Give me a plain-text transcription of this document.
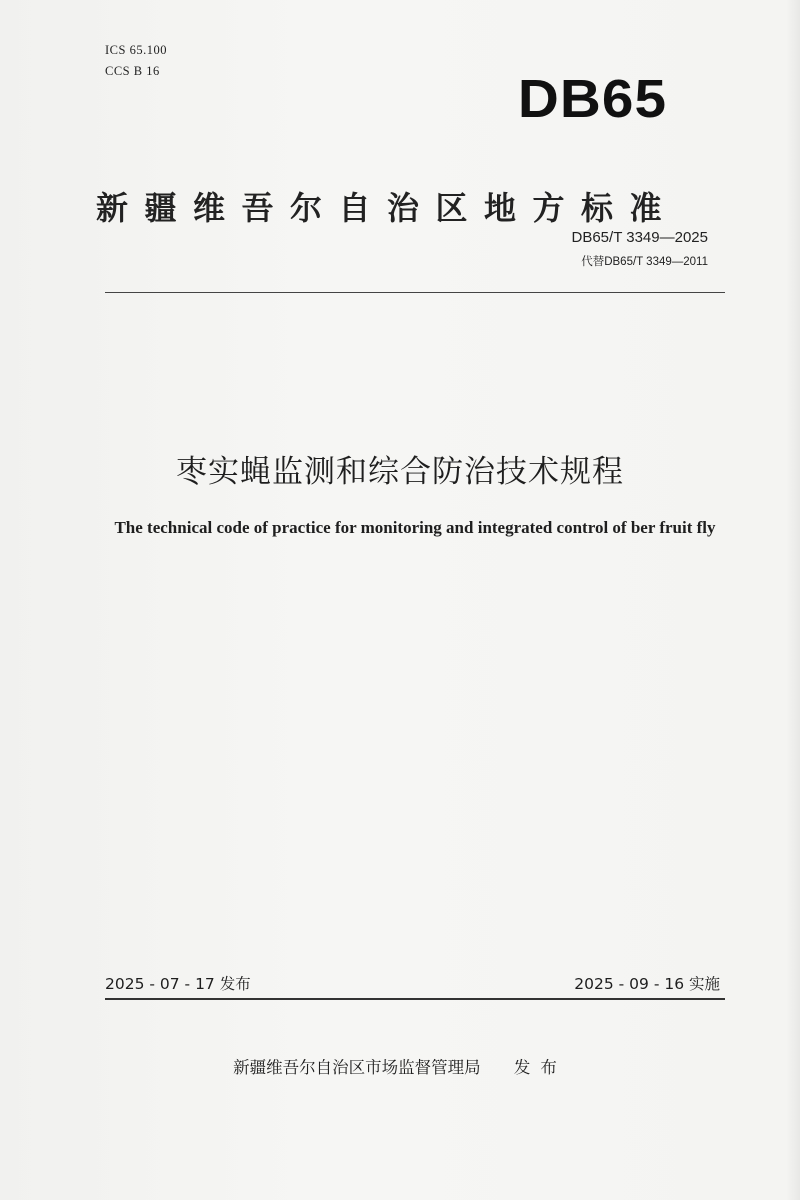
ICS 65.100
CCS B 16	DB65
新疆维吾尔自治区地方标准
DB65/T 3349—2025
代替DB65/T 3349—2011
枣实蝇监测和综合防治技术规程
The technical code of practice for monitoring and integrated control of ber fruit fly
2025 - 07 - 17 发布	2025 - 09 - 16 实施
新疆维吾尔自治区市场监督管理局 发布
